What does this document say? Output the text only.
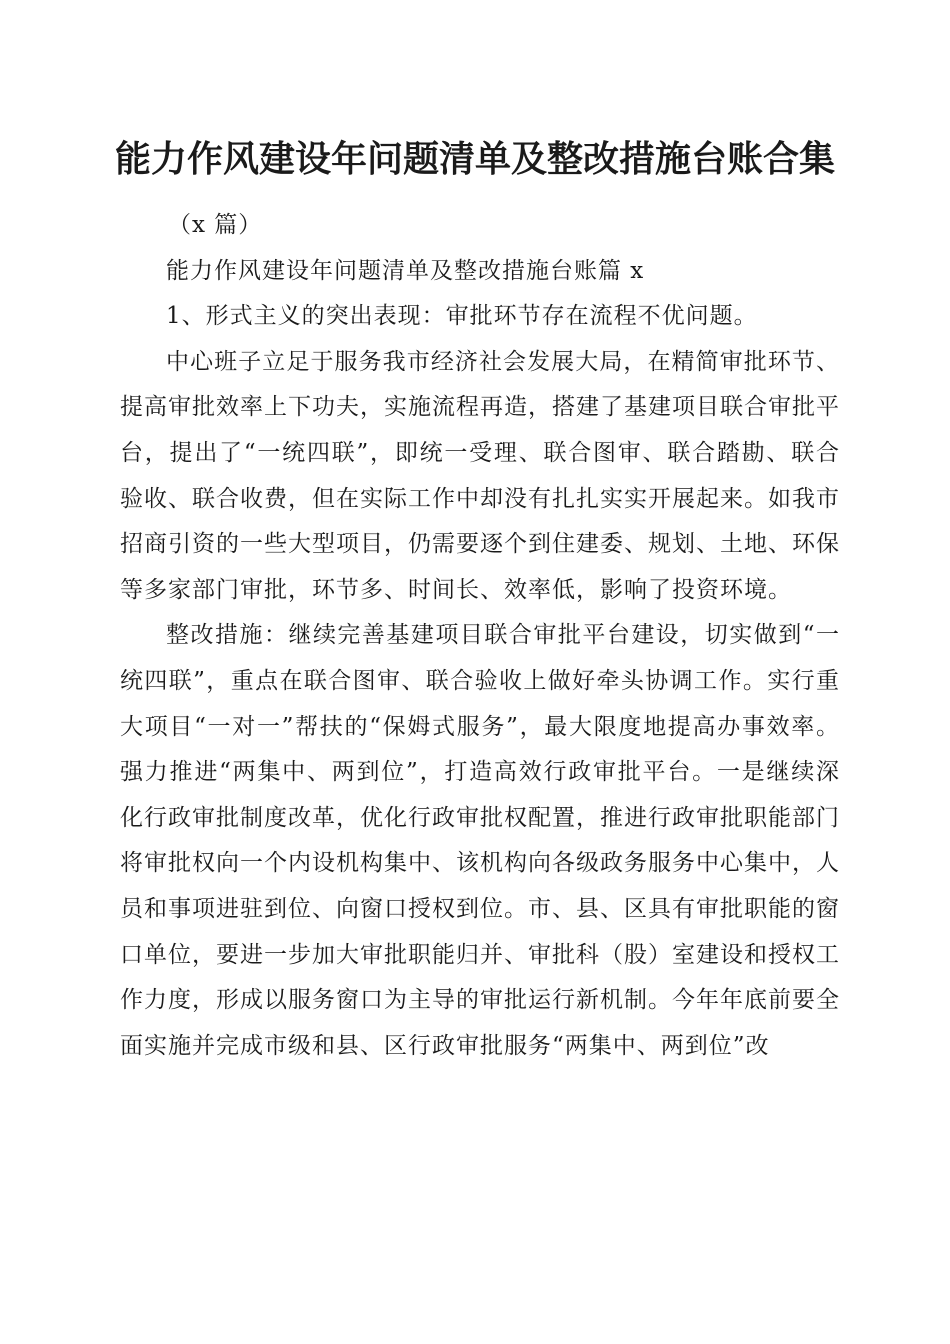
能力作风建设年问题清单及整改措施台账合集

（x 篇）

能力作风建设年问题清单及整改措施台账篇 x

1、形式主义的突出表现：审批环节存在流程不优问题。

中心班子立足于服务我市经济社会发展大局，在精简审批环节、提高审批效率上下功夫，实施流程再造，搭建了基建项目联合审批平台，提出了“一统四联”，即统一受理、联合图审、联合踏勘、联合验收、联合收费，但在实际工作中却没有扎扎实实开展起来。如我市招商引资的一些大型项目，仍需要逐个到住建委、规划、土地、环保等多家部门审批，环节多、时间长、效率低，影响了投资环境。

整改措施：继续完善基建项目联合审批平台建设，切实做到“一统四联”，重点在联合图审、联合验收上做好牵头协调工作。实行重大项目“一对一”帮扶的“保姆式服务”，最大限度地提高办事效率。强力推进“两集中、两到位”，打造高效行政审批平台。一是继续深化行政审批制度改革，优化行政审批权配置，推进行政审批职能部门将审批权向一个内设机构集中、该机构向各级政务服务中心集中，人员和事项进驻到位、向窗口授权到位。市、县、区具有审批职能的窗口单位，要进一步加大审批职能归并、审批科（股）室建设和授权工作力度，形成以服务窗口为主导的审批运行新机制。今年年底前要全面实施并完成市级和县、区行政审批服务“两集中、两到位”改
